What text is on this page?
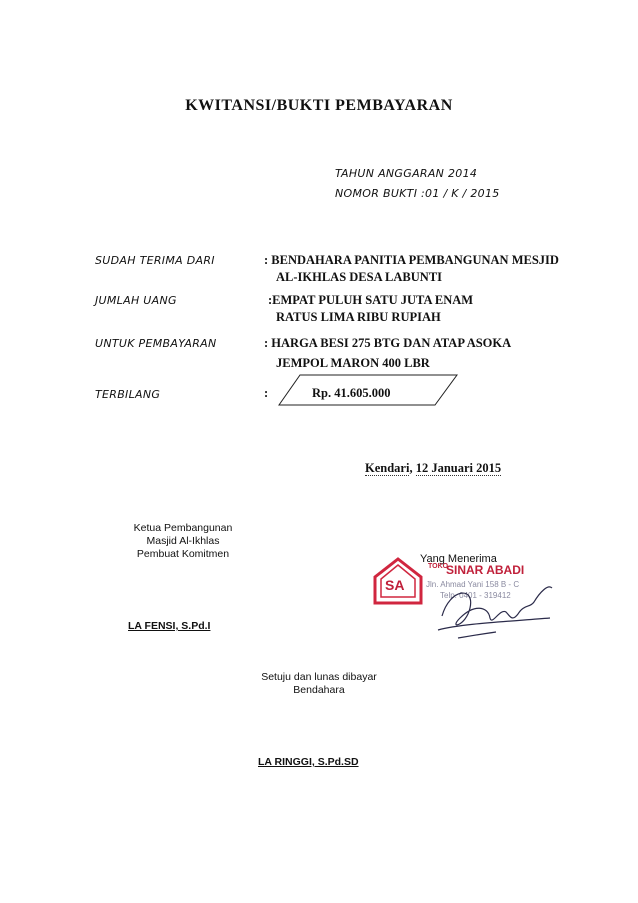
KWITANSI/BUKTI PEMBAYARAN
TAHUN ANGGARAN 2014
NOMOR BUKTI :01 / K / 2015
SUDAH TERIMA DARI	: BENDAHARA PANITIA PEMBANGUNAN MESJID
AL-IKHLAS DESA LABUNTI
JUMLAH UANG	:EMPAT PULUH SATU JUTA ENAM
RATUS LIMA RIBU RUPIAH
UNTUK PEMBAYARAN	: HARGA BESI 275 BTG DAN ATAP ASOKA
JEMPOL MARON 400 LBR
TERBILANG	:	Rp. 41.605.000
Kendari, 12 Januari 2015
Ketua Pembangunan
Masjid Al-Ikhlas
Pembuat Komitmen
LA FENSI, S.Pd.I
Yang Menerima
SA
TOKO
SINAR ABADI
Jln. Ahmad Yani 158 B - C
Telp. 0401 - 319412
Setuju dan lunas dibayar
Bendahara
LA RINGGI, S.Pd.SD
